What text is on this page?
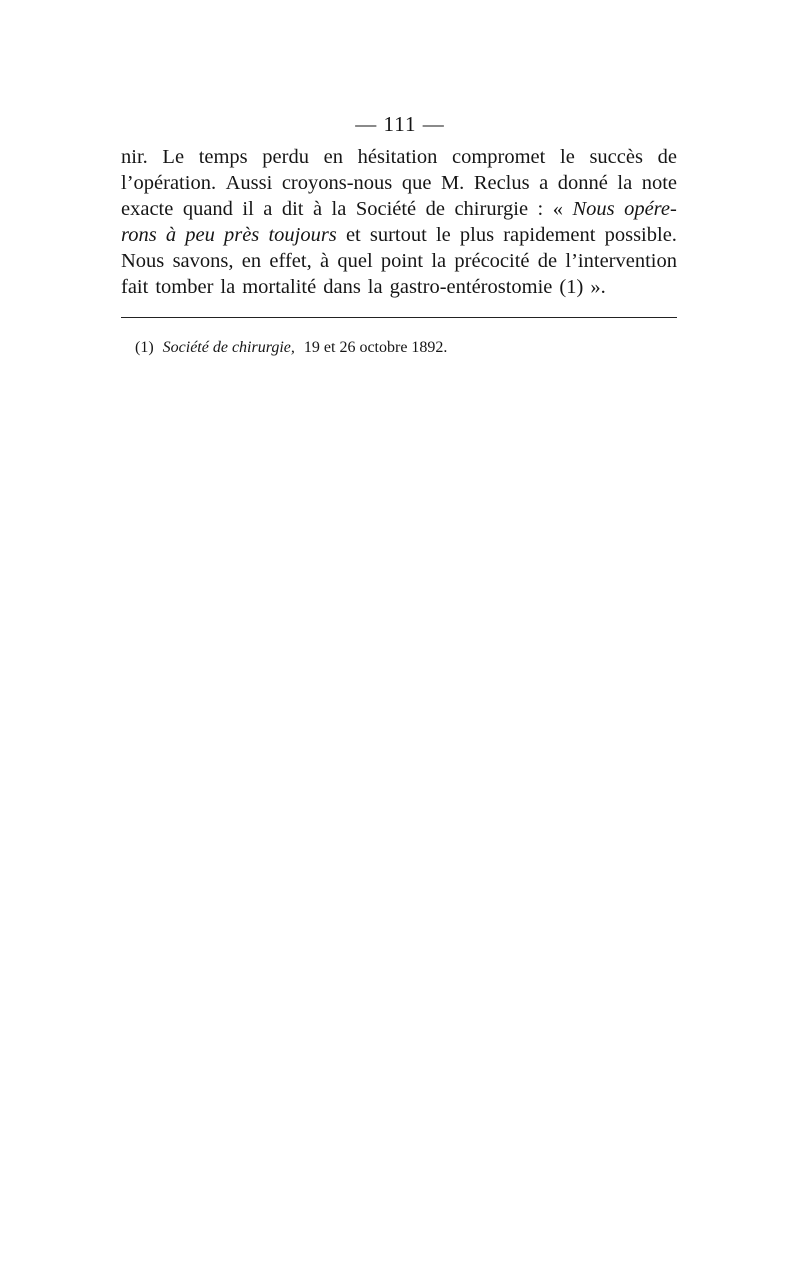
— 111 —
nir. Le temps perdu en hésitation compromet le succès de
l’opération. Aussi croyons-nous que M. Reclus a donné la note
exacte quand il a dit à la Société de chirurgie : « Nous opére-
rons à peu près toujours et surtout le plus rapidement possible.
Nous savons, en effet, à quel point la précocité de l’intervention
fait tomber la mortalité dans la gastro-entérostomie (1) ».
(1) Société de chirurgie, 19 et 26 octobre 1892.
